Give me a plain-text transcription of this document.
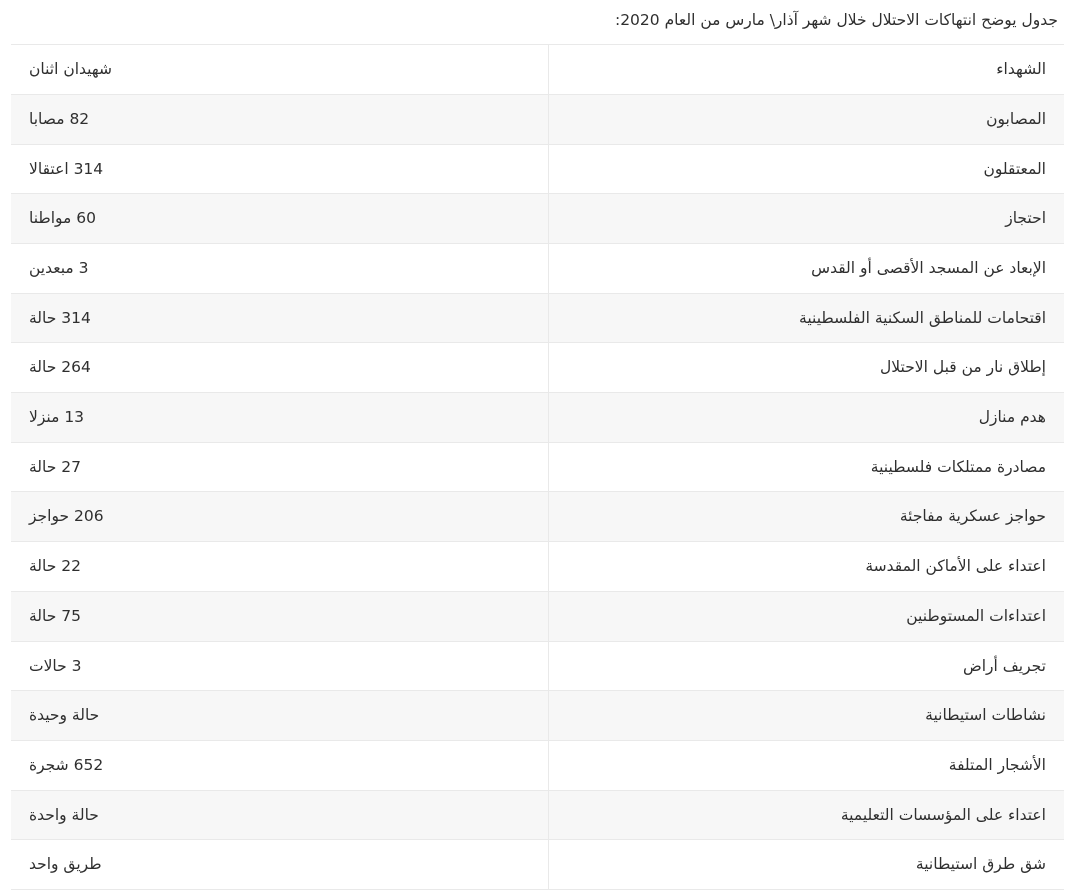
جدول يوضح انتهاكات الاحتلال خلال شهر آذار\ مارس من العام 2020:

الشهداء	شهيدان اثنان
المصابون	82 مصابا
المعتقلون	314 اعتقالا
احتجاز	60 مواطنا
الإبعاد عن المسجد الأقصى أو القدس	3 مبعدين
اقتحامات للمناطق السكنية الفلسطينية	314 حالة
إطلاق نار من قبل الاحتلال	264 حالة
هدم منازل	13 منزلا
مصادرة ممتلكات فلسطينية	27 حالة
حواجز عسكرية مفاجئة	206 حواجز
اعتداء على الأماكن المقدسة	22 حالة
اعتداءات المستوطنين	75 حالة
تجريف أراض	3 حالات
نشاطات استيطانية	حالة وحيدة
الأشجار المتلفة	652 شجرة
اعتداء على المؤسسات التعليمية	حالة واحدة
شق طرق استيطانية	طريق واحد
